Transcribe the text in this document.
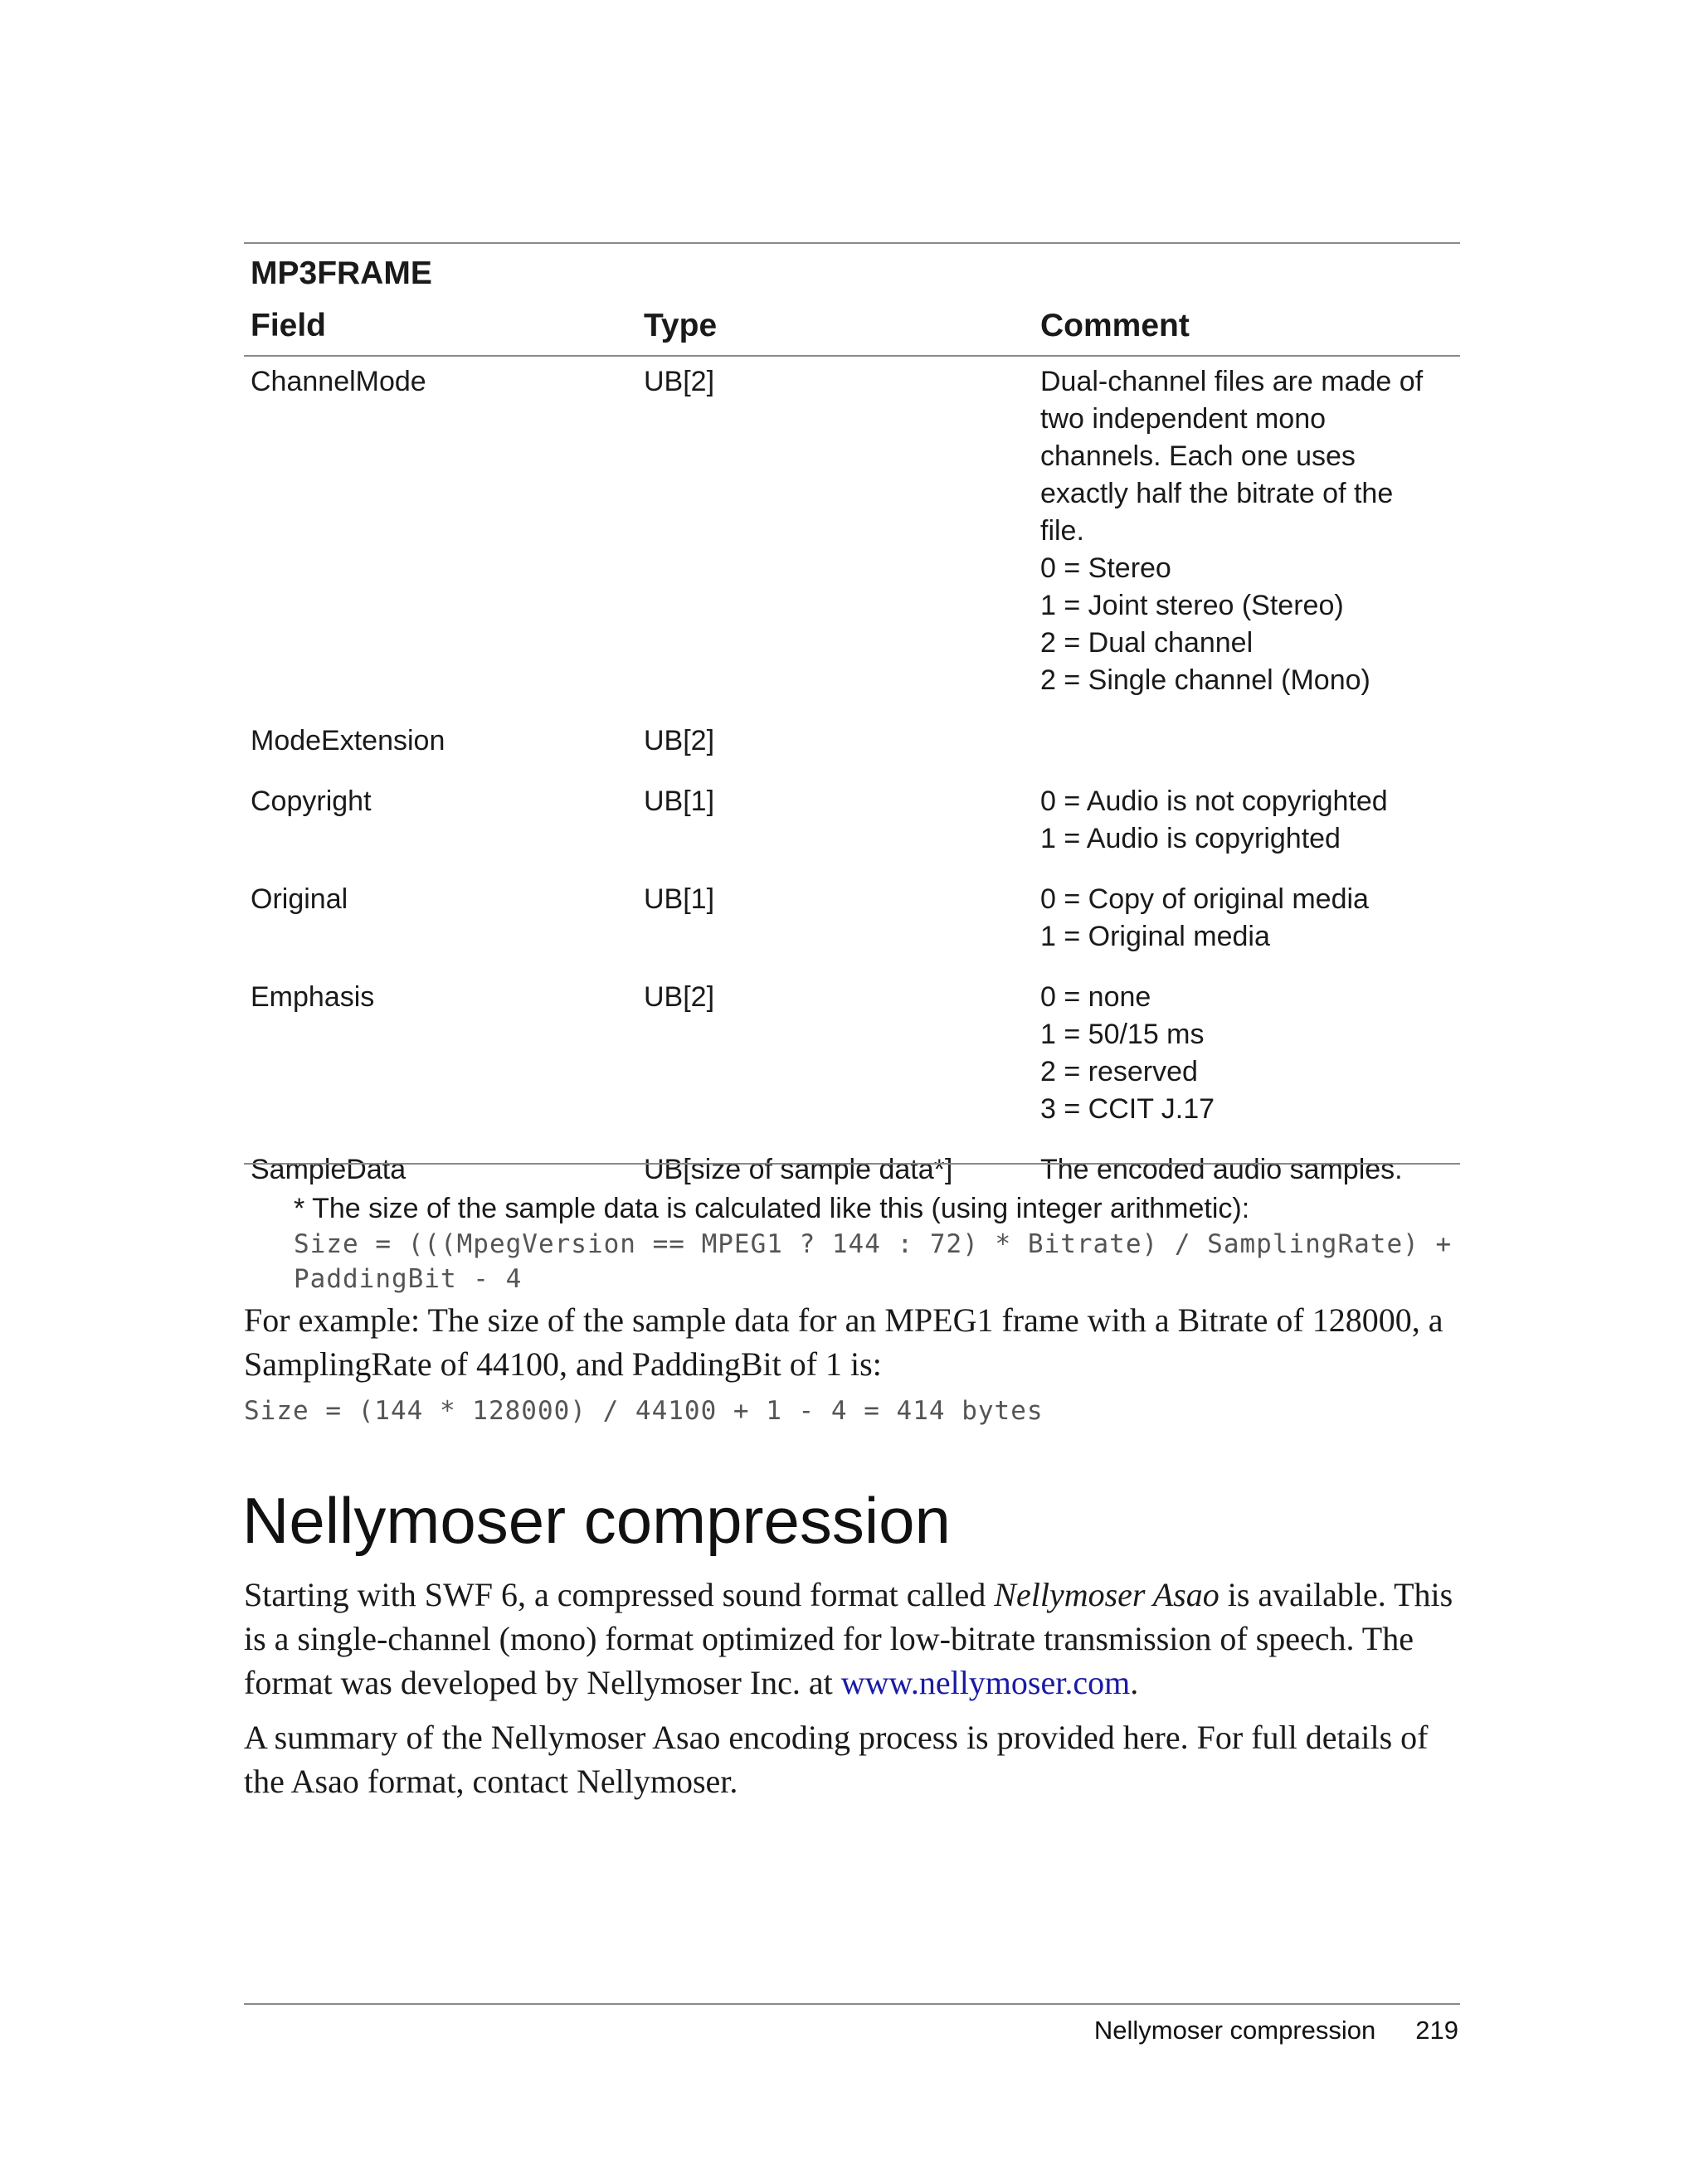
MP3FRAME
Field	Type	Comment
ChannelMode	UB[2]	Dual-channel files are made of
two independent mono
channels. Each one uses
exactly half the bitrate of the
file.
0 = Stereo
1 = Joint stereo (Stereo)
2 = Dual channel
2 = Single channel (Mono)
ModeExtension	UB[2]
Copyright	UB[1]	0 = Audio is not copyrighted
1 = Audio is copyrighted
Original	UB[1]	0 = Copy of original media
1 = Original media
Emphasis	UB[2]	0 = none
1 = 50/15 ms
2 = reserved
3 = CCIT J.17
SampleData	UB[size of sample data*]	The encoded audio samples.
* The size of the sample data is calculated like this (using integer arithmetic):
Size = (((MpegVersion == MPEG1 ? 144 : 72) * Bitrate) / SamplingRate) +
PaddingBit - 4
For example: The size of the sample data for an MPEG1 frame with a Bitrate of 128000, a SamplingRate of 44100, and PaddingBit of 1 is:
Size = (144 * 128000) / 44100 + 1 - 4 = 414 bytes
Nellymoser compression
Starting with SWF 6, a compressed sound format called Nellymoser Asao is available. This is a single-channel (mono) format optimized for low-bitrate transmission of speech. The format was developed by Nellymoser Inc. at www.nellymoser.com.
A summary of the Nellymoser Asao encoding process is provided here. For full details of the Asao format, contact Nellymoser.
Nellymoser compression 219
